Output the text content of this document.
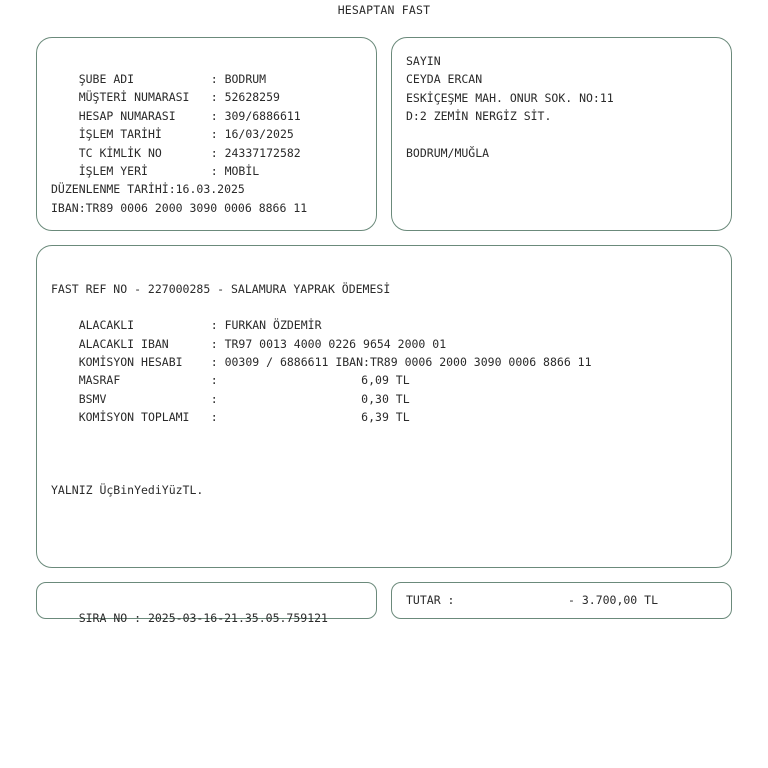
HESAPTAN FAST

ŞUBE ADI	: BODRUM

MÜŞTERİ NUMARASI : 52628259

HESAP NUMARASI	: 309/6886611

İŞLEM TARİHİ	: 16/03/2025

TC KİMLİK NO	: 24337172582

İŞLEM YERİ	: MOBİL

DÜZENLENME TARİHİ:16.03.2025
IBAN:TR89 0006 2000 3090 0006 8866 11
SAYIN
CEYDA ERCAN
ESKİÇEŞME MAH. ONUR SOK. NO:11
D:2 ZEMİN NERGİZ SİT.
BODRUM/MUĞLA
FAST REF NO - 227000285 - SALAMURA YAPRAK ÖDEMESİ

ALACAKLI	: FURKAN ÖZDEMİR

ALACAKLI IBAN	: TR97 0013 4000 0226 9654 2000 01

KOMİSYON HESABI : 00309 / 6886611 IBAN:TR89 0006 2000 3090 0006 8866 11

MASRAF	:	6,09 TL

BSMV	:	0,30 TL

KOMİSYON TOPLAMI :	6,39 TL

YALNIZ ÜçBinYediYüzTL.

SIRA NO : 2025-03-16-21.35.05.759121

TUTAR :	- 3.700,00 TL
